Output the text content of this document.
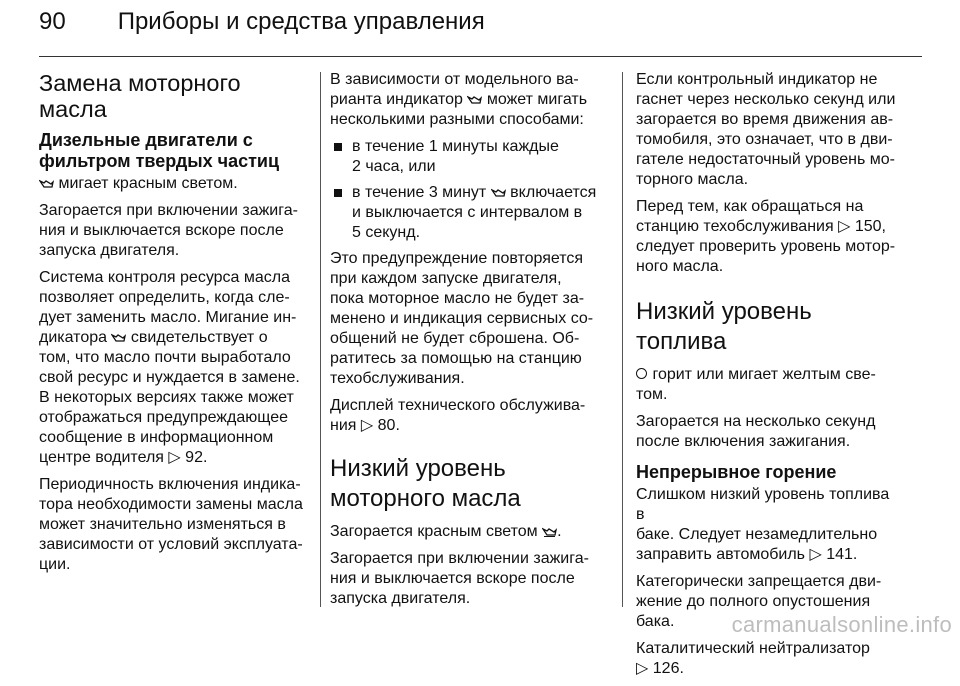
90 Приборы и средства управления
Замена моторного масла
Дизельные двигатели с
фильтром твердых частиц

мигает красным светом.

Загорается при включении зажига-
ния и выключается вскоре после
запуска двигателя.

Система контроля ресурса масла
позволяет определить, когда сле-
дует заменить масло. Мигание ин-
дикатора свидетельствует о
том, что масло почти выработало
свой ресурс и нуждается в замене.
В некоторых версиях также может
отображаться предупреждающее
сообщение в информационном
центре водителя ▷ 92.

Периодичность включения индика-
тора необходимости замены масла
может значительно изменяться в
зависимости от условий эксплуата-
ции.

В зависимости от модельного ва-
рианта индикатор может мигать
несколькими разными способами:

в течение 1 минуты каждые
2 часа, или
в течение 3 минут включается
и выключается с интервалом в
5 секунд.

Это предупреждение повторяется
при каждом запуске двигателя,
пока моторное масло не будет за-
менено и индикация сервисных со-
общений не будет сброшена. Об-
ратитесь за помощью на станцию
техобслуживания.

Дисплей технического обслужива-
ния ▷ 80.

Низкий уровень
моторного масла

Загорается красным светом .

Загорается при включении зажига-
ния и выключается вскоре после
запуска двигателя.

Если контрольный индикатор не
гаснет через несколько секунд или
загорается во время движения ав-
томобиля, это означает, что в дви-
гателе недостаточный уровень мо-
торного масла.

Перед тем, как обращаться на
станцию техобслуживания ▷ 150,
следует проверить уровень мотор-
ного масла.

Низкий уровень топлива

горит или мигает желтым све-
том.

Загорается на несколько секунд
после включения зажигания.

Непрерывное горение

Слишком низкий уровень топлива в
баке. Следует незамедлительно
заправить автомобиль ▷ 141.

Категорически запрещается дви-
жение до полного опустошения
бака.

Каталитический нейтрализатор
▷ 126.

carmanualsonline.info
